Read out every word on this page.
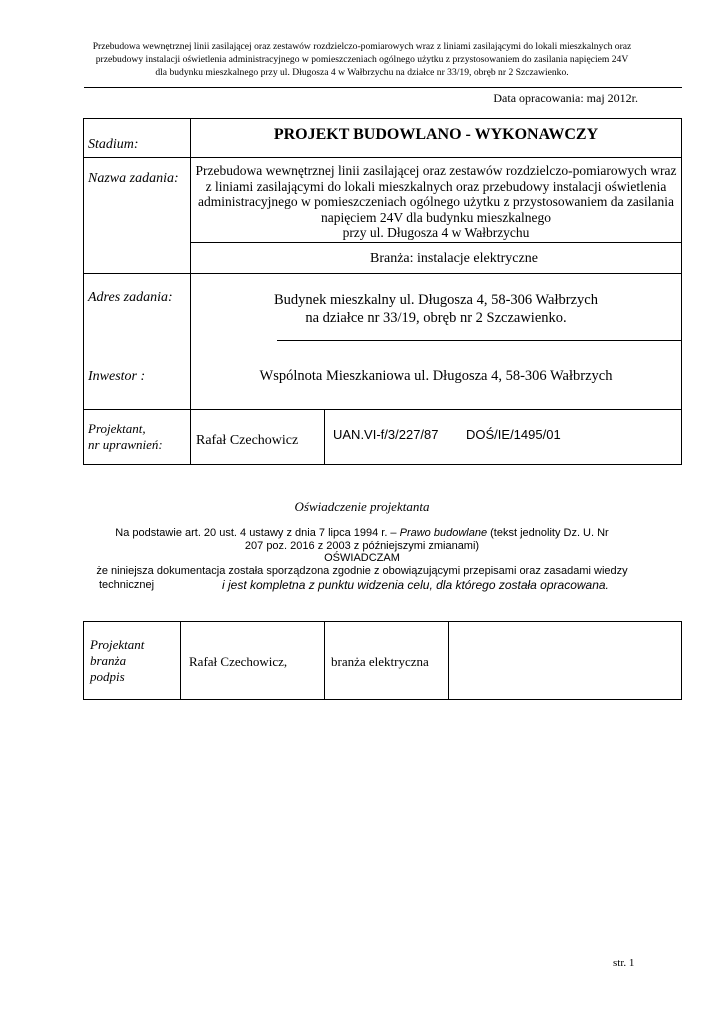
Przebudowa wewnętrznej linii zasilającej oraz zestawów rozdzielczo-pomiarowych wraz z liniami zasilającymi do lokali mieszkalnych oraz
przebudowy instalacji oświetlenia administracyjnego w pomieszczeniach ogólnego użytku z przystosowaniem do zasilania napięciem 24V
dla budynku mieszkalnego przy ul. Długosza 4 w Wałbrzychu na działce nr 33/19, obręb nr 2 Szczawienko.
Data opracowania: maj 2012r.
Stadium:
PROJEKT BUDOWLANO - WYKONAWCZY
Nazwa zadania:
Przebudowa wewnętrznej linii zasilającej oraz zestawów rozdzielczo-pomiarowych wraz
z liniami zasilającymi do lokali mieszkalnych oraz przebudowy instalacji oświetlenia
administracyjnego w pomieszczeniach ogólnego użytku z przystosowaniem da zasilania
napięciem 24V dla budynku mieszkalnego
przy ul. Długosza 4 w Wałbrzychu
Branża: instalacje elektryczne
Adres zadania:	Budynek mieszkalny ul. Długosza 4, 58-306 Wałbrzych
na działce nr 33/19, obręb nr 2 Szczawienko.
Inwestor :	Wspólnota Mieszkaniowa ul. Długosza 4, 58-306 Wałbrzych
Projektant,
nr uprawnień: Rafał Czechowicz	UAN.VI-f/3/227/87 DOŚ/IE/1495/01
Oświadczenie projektanta
Na podstawie art. 20 ust. 4 ustawy z dnia 7 lipca 1994 r. – Prawo budowlane (tekst jednolity Dz. U. Nr
207 poz. 2016 z 2003 z późniejszymi zmianami)
OŚWIADCZAM
że niniejsza dokumentacja została sporządzona zgodnie z obowiązującymi przepisami oraz zasadami wiedzy
technicznej	i jest kompletna z punktu widzenia celu, dla którego została opracowana.
Projektant
branża
podpis
Rafał Czechowicz,	branża elektryczna
str. 1
